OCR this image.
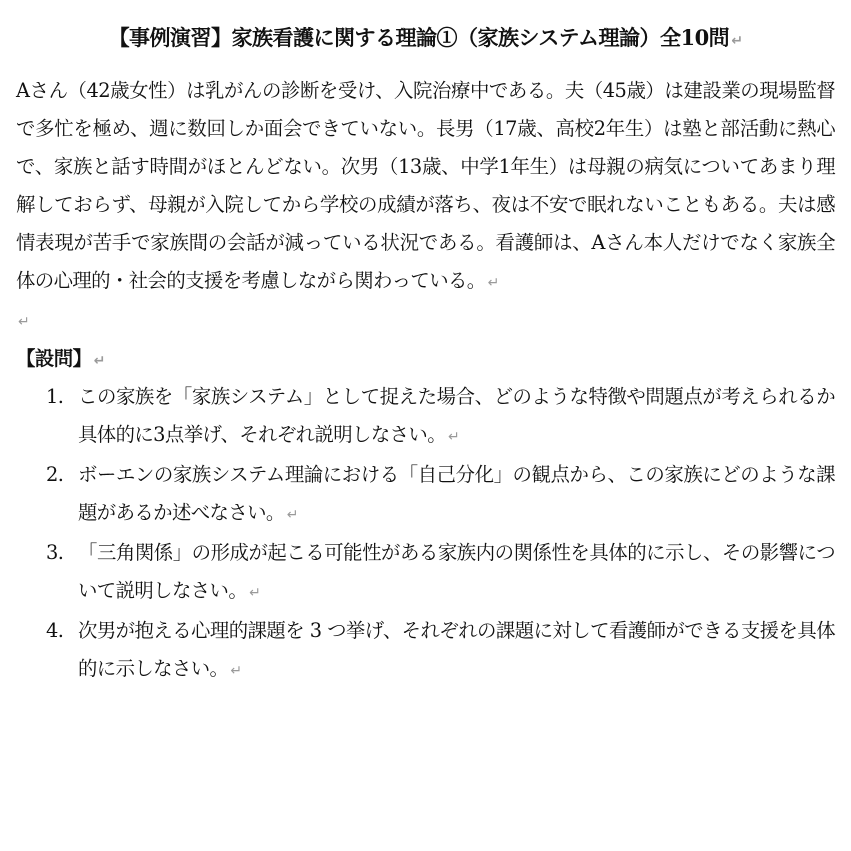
【事例演習】家族看護に関する理論①（家族システム理論）全10問 ↵
Aさん（42歳女性）は乳がんの診断を受け、入院治療中である。夫（45歳）は建設業の現場監督で多忙を極め、週に数回しか面会できていない。長男（17歳、高校2年生）は塾と部活動に熱心で、家族と話す時間がほとんどない。次男（13歳、中学1年生）は母親の病気についてあまり理解しておらず、母親が入院してから学校の成績が落ち、夜は不安で眠れないこともある。夫は感情表現が苦手で家族間の会話が減っている状況である。看護師は、Aさん本人だけでなく家族全体の心理的・社会的支援を考慮しながら関わっている。 ↵
↵
【設問】 ↵
1. この家族を「家族システム」として捉えた場合、どのような特徴や問題点が考えられるか具体的に3点挙げ、それぞれ説明しなさい。 ↵
2. ボーエンの家族システム理論における「自己分化」の観点から、この家族にどのような課題があるか述べなさい。 ↵
3. 「三角関係」の形成が起こる可能性がある家族内の関係性を具体的に示し、その影響について説明しなさい。 ↵
4. 次男が抱える心理的課題を 3 つ挙げ、それぞれの課題に対して看護師ができる支援を具体的に示しなさい。 ↵
